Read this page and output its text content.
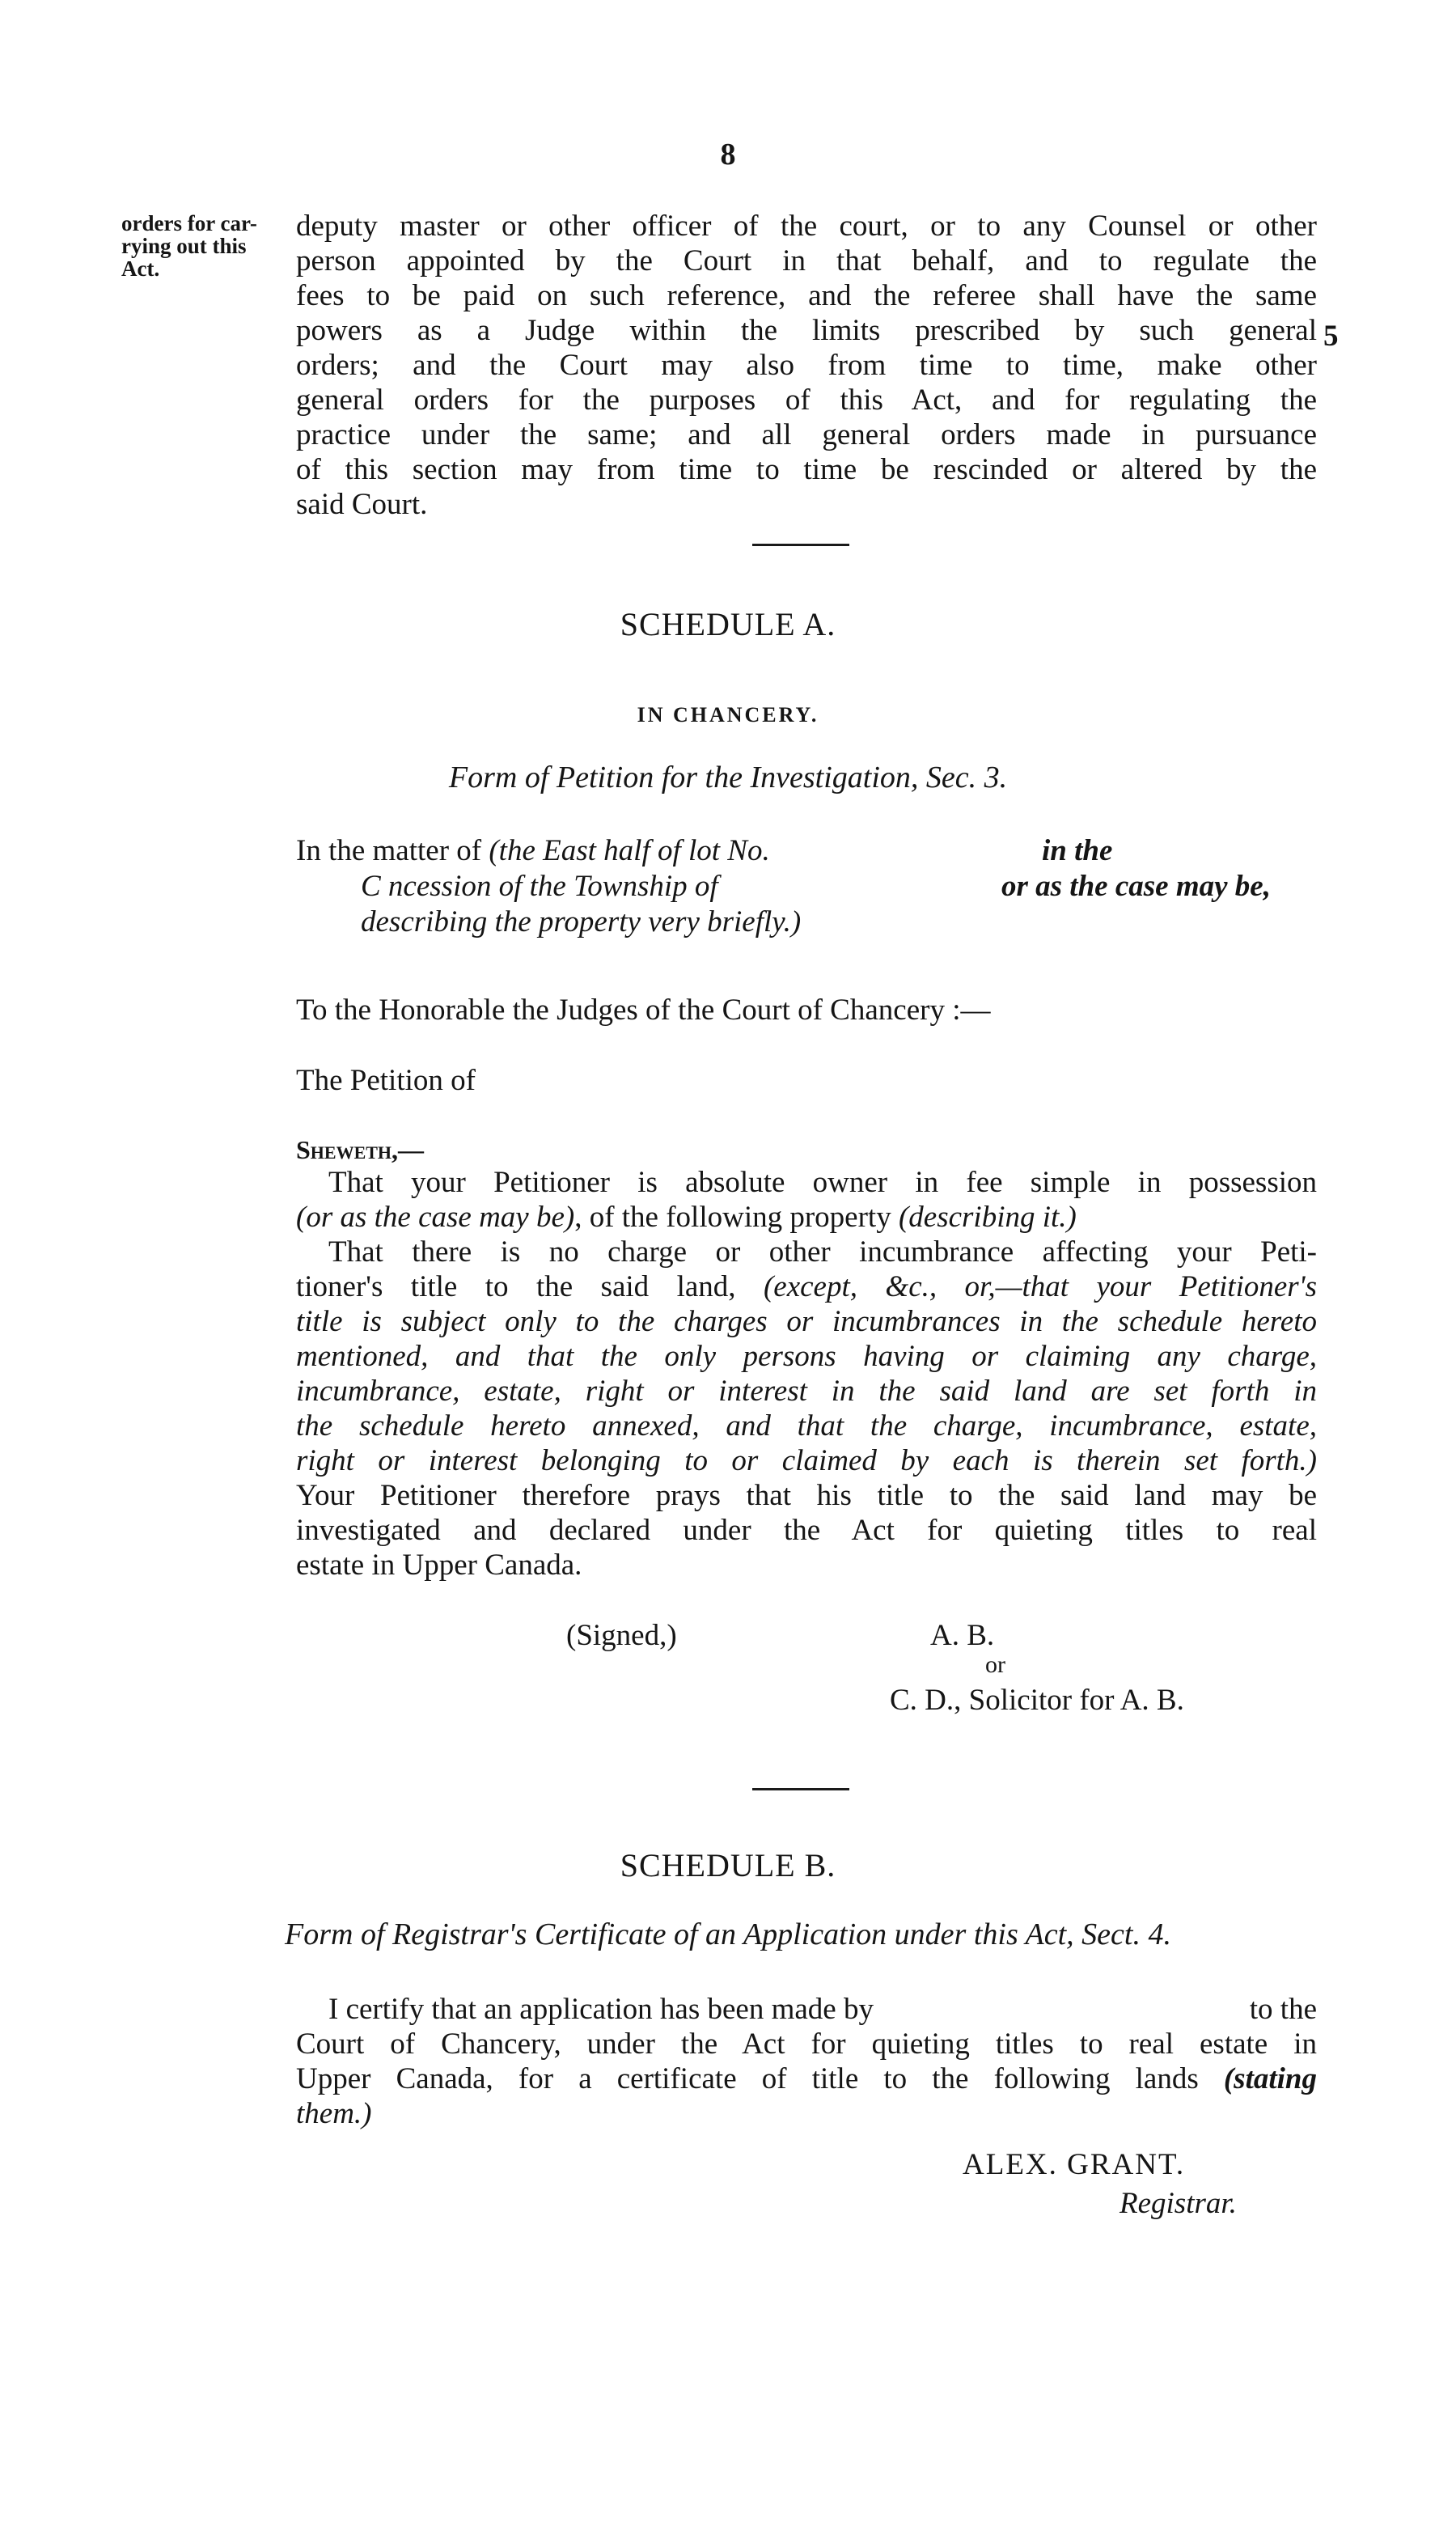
8
orders for car-
rying out this
Act.
deputy master or other officer of the court, or to any Counsel or other
person appointed by the Court in that behalf, and to regulate the
fees to be paid on such reference, and the referee shall have the same
powers as a Judge within the limits prescribed by such general
orders; and the Court may also from time to time, make other
general orders for the purposes of this Act, and for regulating the
practice under the same; and all general orders made in pursuance
of this section may from time to time be rescinded or altered by the
said Court.
5
SCHEDULE A.
IN CHANCERY.
Form of Petition for the Investigation, Sec. 3.
In the matter of (the East half of lot No.	in the
C ncession of the Township of	or as the case may be,
describing the property very briefly.)
To the Honorable the Judges of the Court of Chancery :—
The Petition of
Sheweth,—
That your Petitioner is absolute owner in fee simple in possession
(or as the case may be), of the following property (describing it.)
That there is no charge or other incumbrance affecting your Peti-
tioner's title to the said land, (except, &c., or,—that your Petitioner's
title is subject only to the charges or incumbrances in the schedule hereto
mentioned, and that the only persons having or claiming any charge,
incumbrance, estate, right or interest in the said land are set forth in
the schedule hereto annexed, and that the charge, incumbrance, estate,
right or interest belonging to or claimed by each is therein set forth.)
Your Petitioner therefore prays that his title to the said land may be
investigated and declared under the Act for quieting titles to real
estate in Upper Canada.
(Signed,)	A. B.
or
C. D., Solicitor for A. B.
SCHEDULE B.
Form of Registrar's Certificate of an Application under this Act, Sect. 4.
I certify that an application has been made by	to the
Court of Chancery, under the Act for quieting titles to real estate in
Upper Canada, for a certificate of title to the following lands (stating
them.)
ALEX. GRANT.
Registrar.
